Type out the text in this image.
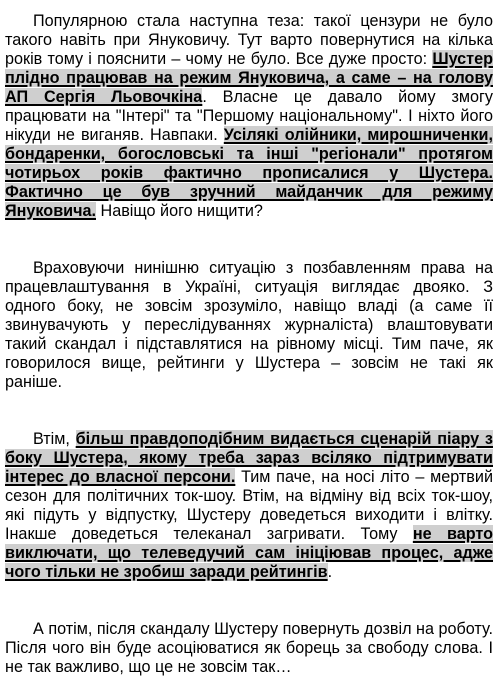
Популярною стала наступна теза: такої цензури не було такого навіть при Януковичу. Тут варто повернутися на кілька років тому і пояснити – чому не було. Все дуже просто: Шустер плідно працював на режим Януковича, а саме – на голову АП Сергія Льовочкіна. Власне це давало йому змогу працювати на "Інтері" та "Першому національному". І ніхто його нікуди не виганяв. Навпаки. Усілякі олійники, мирошниченки, бондаренки, богословські та інші "регіонали" протягом чотирьох років фактично прописалися у Шустера. Фактично це був зручний майданчик для режиму Януковича. Навіщо його нищити?

Враховуючи нинішню ситуацію з позбавленням права на працевлаштування в Україні, ситуація виглядає двояко. З одного боку, не зовсім зрозуміло, навіщо владі (а саме її звинувачують у переслідуваннях журналіста) влаштовувати такий скандал і підставлятися на рівному місці. Тим паче, як говорилося вище, рейтинги у Шустера – зовсім не такі як раніше.

Втім, більш правдоподібним видається сценарій піару з боку Шустера, якому треба зараз всіляко підтримувати інтерес до власної персони. Тим паче, на носі літо – мертвий сезон для політичних ток-шоу. Втім, на відміну від всіх ток-шоу, які підуть у відпустку, Шустеру доведеться виходити і влітку. Інакше доведеться телеканал загривати. Тому не варто виключати, що телеведучий сам ініціював процес, адже чого тільки не зробиш заради рейтингів.

А потім, після скандалу Шустеру повернуть дозвіл на роботу. Після чого він буде асоціюватися як борець за свободу слова. І не так важливо, що це не зовсім так…
